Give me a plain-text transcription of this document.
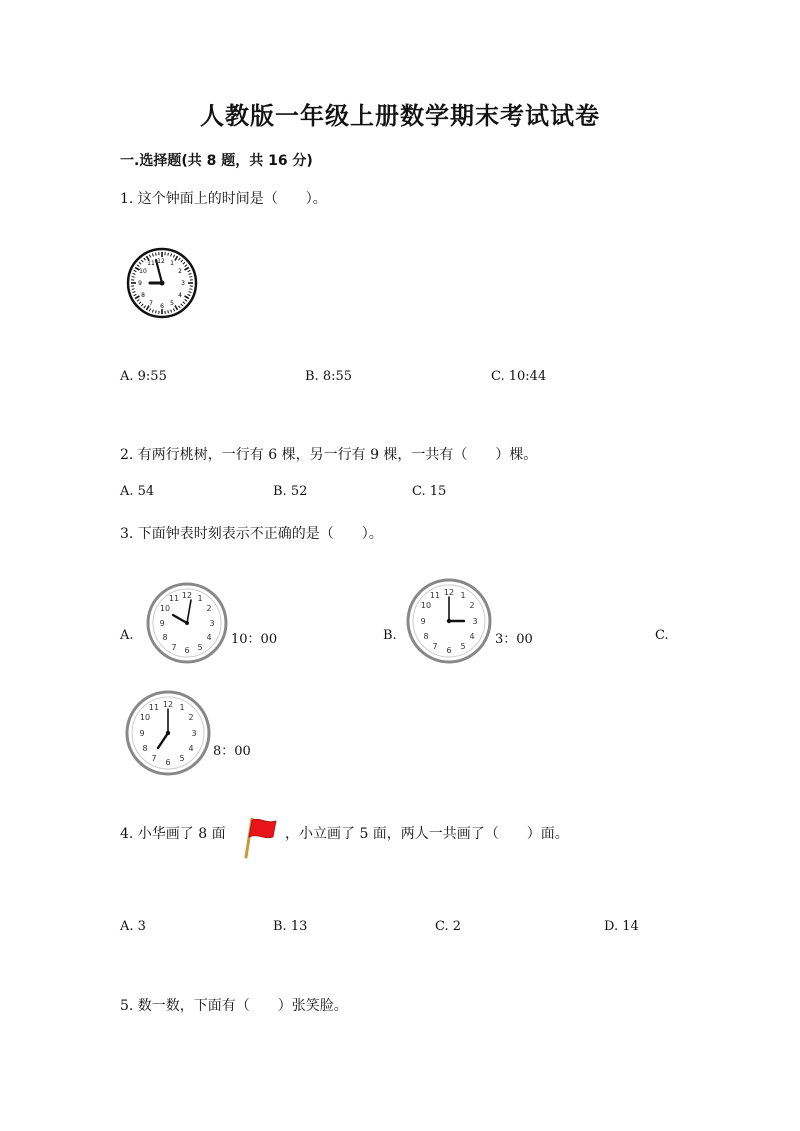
人教版一年级上册数学期末考试试卷
一.选择题(共 8 题，共 16 分)
1. 这个钟面上的时间是（　　）。
12 1
2
3
4
5
6
7
8
9
10
11
A. 9:55	B. 8:55	C. 10:44
2. 有两行桃树，一行有 6 棵，另一行有 9 棵，一共有（　　）棵。
A. 54	B. 52	C. 15
3. 下面钟表时刻表示不正确的是（　　）。
A.
12 1
2
3
4
5
6
7
8
9
10
11
10：00	B.
12 1
2
3
4
5
6
7
8
9
10
11
3：00	C.
12 1
2
3
4
5
6
7
8
9
10
11
8：00
4. 小华画了 8 面	，小立画了 5 面，两人一共画了（　　）面。
A. 3	B. 13	C. 2	D. 14
5. 数一数，下面有（　　）张笑脸。
